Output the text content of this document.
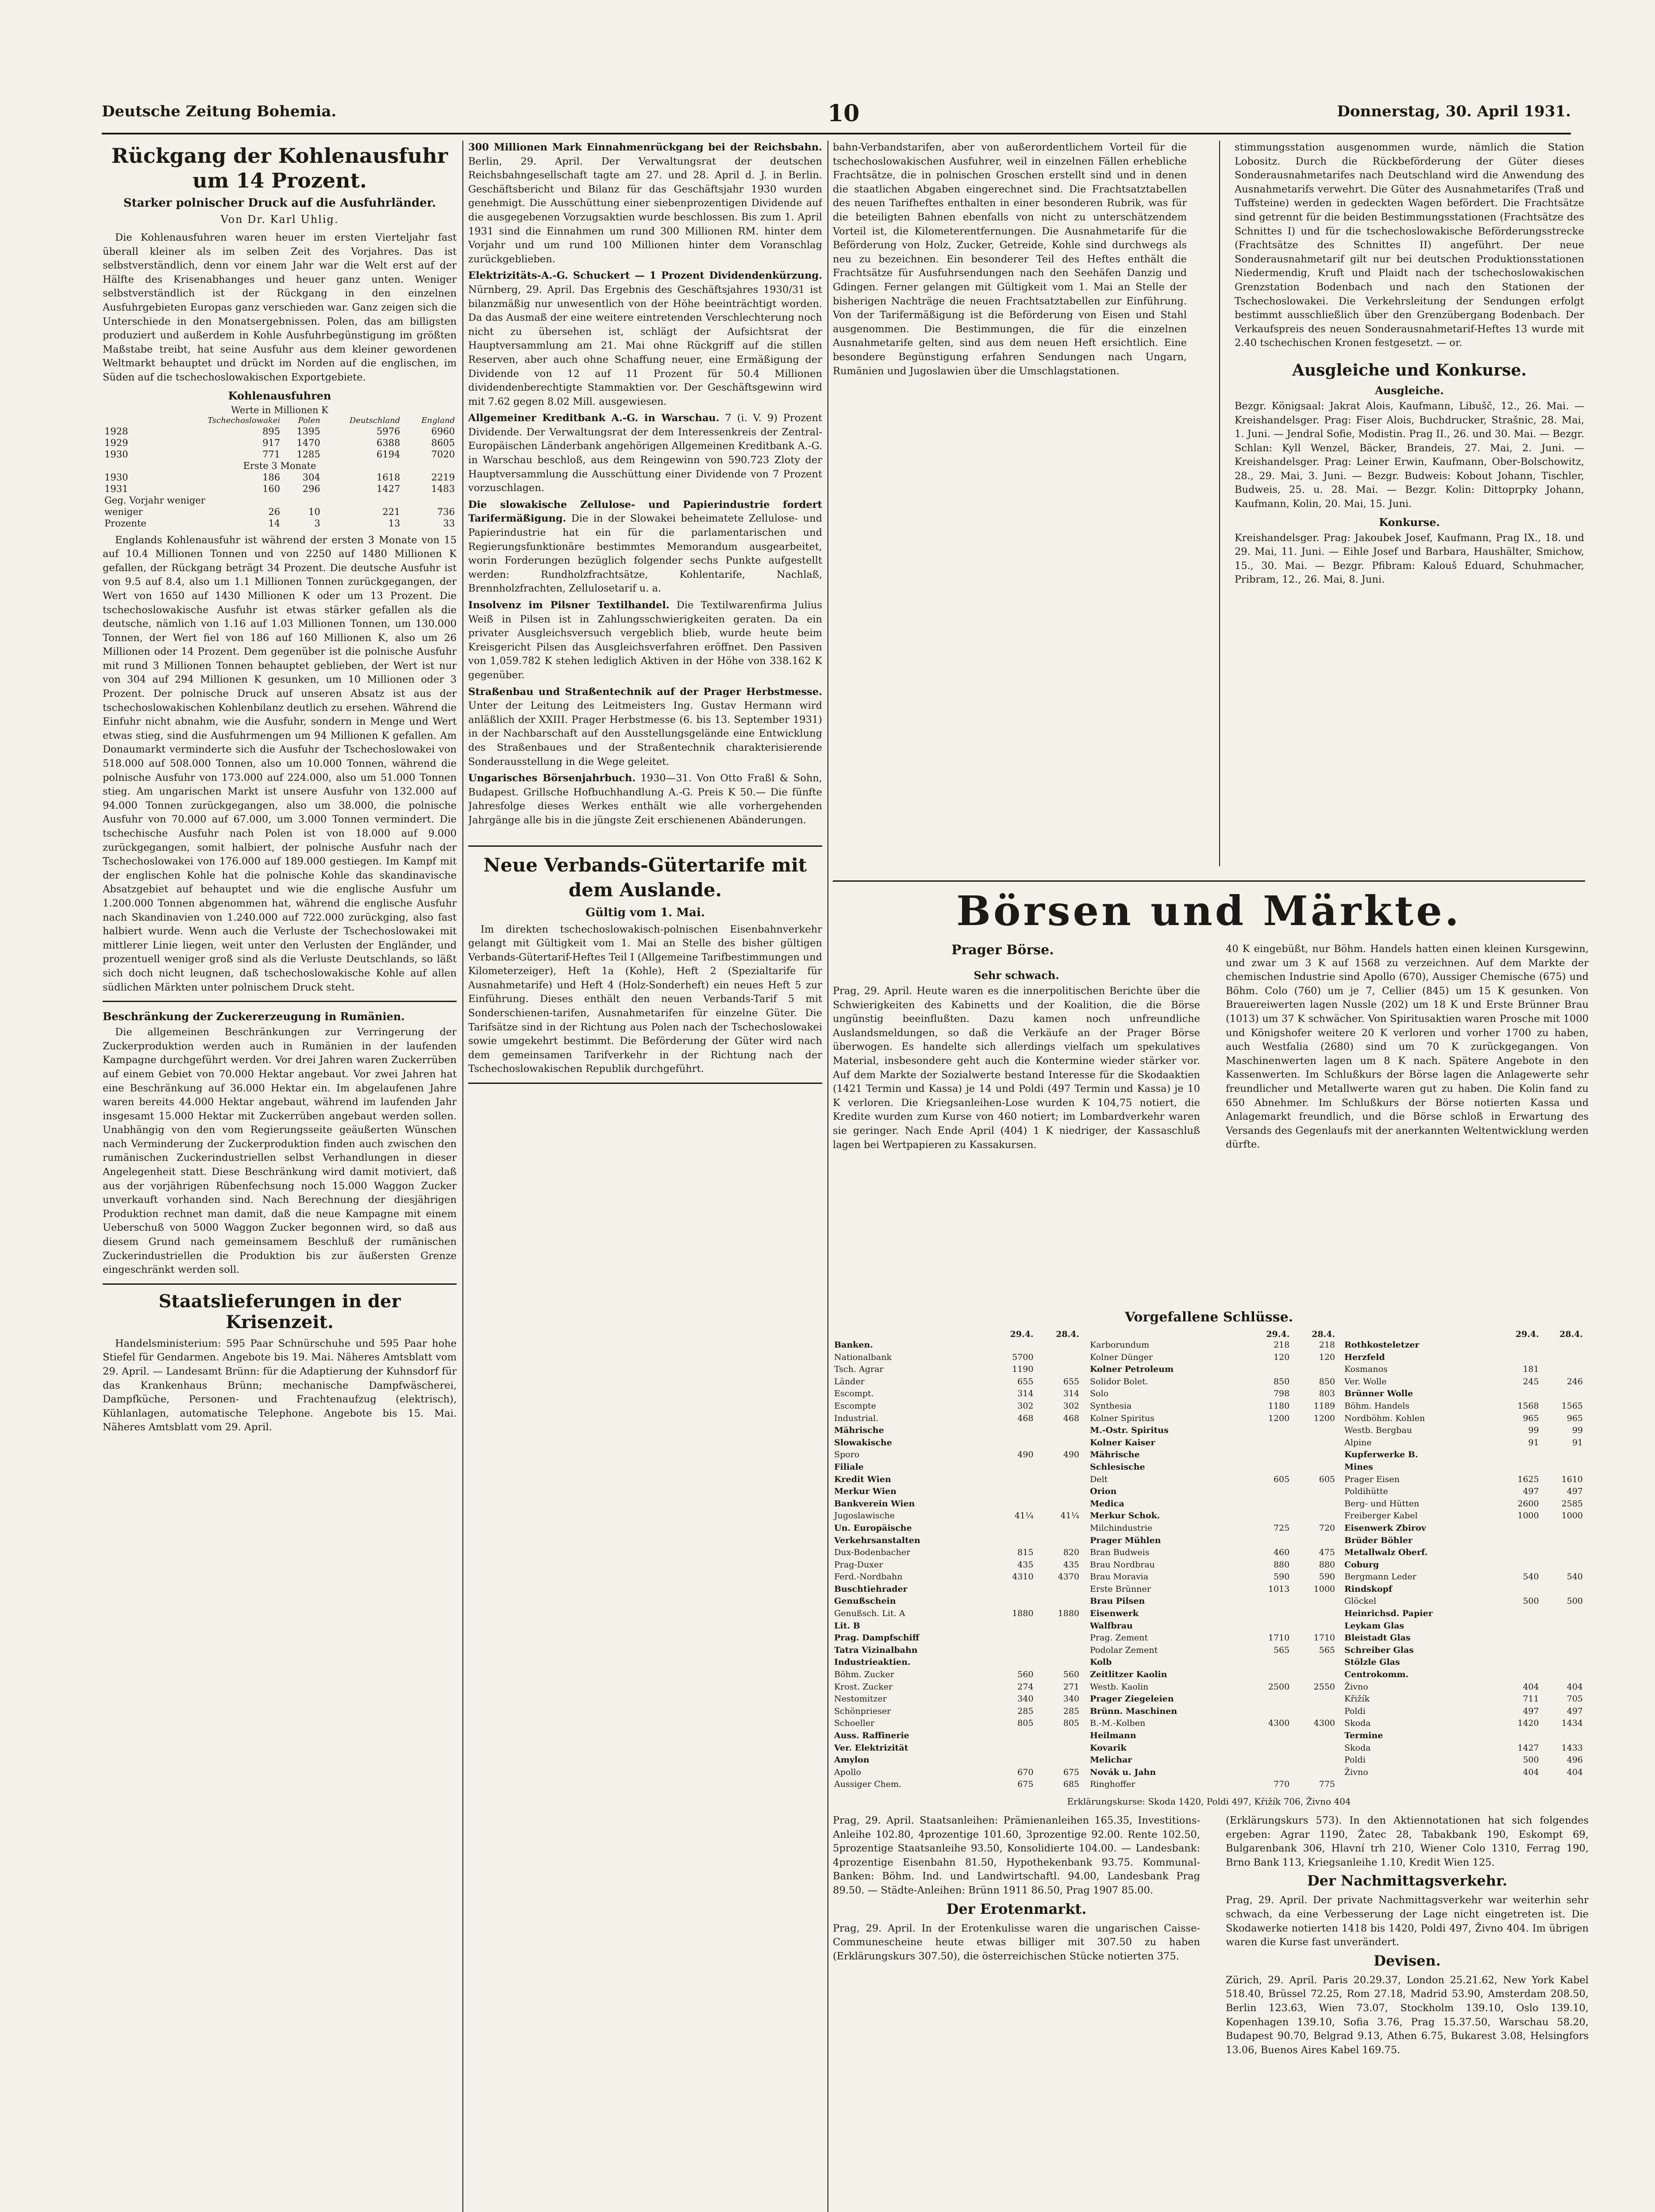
Deutsche Zeitung Bohemia.	10	Donnerstag, 30. April 1931.
Rückgang der Kohlenausfuhr um 14 Prozent.
Starker polnischer Druck auf die Ausfuhrländer.
Von Dr. Karl Uhlig.

Die Kohlenausfuhren waren heuer im ersten Vierteljahr fast überall kleiner als im selben Zeit des Vorjahres. Das ist selbstverständlich, denn vor einem Jahr war die Welt erst auf der Hälfte des Krisenabhanges und heuer ganz unten. Weniger selbstverständlich ist der Rückgang in den einzelnen Ausfuhrgebieten Europas ganz verschieden war. Ganz zeigen sich die Unterschiede in den Monatsergebnissen. Polen, das am billigsten produziert und außerdem in Kohle Ausfuhrbegünstigung im größten Maßstabe treibt, hat seine Ausfuhr aus dem kleiner gewordenen Weltmarkt behauptet und drückt im Norden auf die englischen, im Süden auf die tschechoslowakischen Exportgebiete.

Kohlenausfuhren
Werte in Millionen K
	Tschechoslowakei	Polen	Deutschland	England
1928	895	1395	5976	6960
1929	917	1470	6388	8605
1930	771	1285	6194	7020
Erste 3 Monate				
1930	186	304	1618	2219
1931	160	296	1427	1483
Geg. Vorjahr weniger				
weniger	26	10	221	736
Prozente	14	3	13	33

Englands Kohlenausfuhr ist während der ersten 3 Monate von 15 auf 10.4 Millionen Tonnen und von 2250 auf 1480 Millionen K gefallen, der Rückgang beträgt 34 Prozent. Die deutsche Ausfuhr ist von 9.5 auf 8.4, also um 1.1 Millionen Tonnen zurückgegangen, der Wert von 1650 auf 1430 Millionen K oder um 13 Prozent. Die tschechoslowakische Ausfuhr ist etwas stärker gefallen als die deutsche, nämlich von 1.16 auf 1.03 Millionen Tonnen, um 130.000 Tonnen, der Wert fiel von 186 auf 160 Millionen K, also um 26 Millionen oder 14 Prozent. Dem gegenüber ist die polnische Ausfuhr mit rund 3 Millionen Tonnen behauptet geblieben, der Wert ist nur von 304 auf 294 Millionen K gesunken, um 10 Millionen oder 3 Prozent. Der polnische Druck auf unseren Absatz ist aus der tschechoslowakischen Kohlenbilanz deutlich zu ersehen. Während die Einfuhr nicht abnahm, wie die Ausfuhr, sondern in Menge und Wert etwas stieg, sind die Ausfuhrmengen um 94 Millionen K gefallen. Am Donaumarkt verminderte sich die Ausfuhr der Tschechoslowakei von 518.000 auf 508.000 Tonnen, also um 10.000 Tonnen, während die polnische Ausfuhr von 173.000 auf 224.000, also um 51.000 Tonnen stieg. Am ungarischen Markt ist unsere Ausfuhr von 132.000 auf 94.000 Tonnen zurückgegangen, also um 38.000, die polnische Ausfuhr von 70.000 auf 67.000, um 3.000 Tonnen vermindert. Die tschechische Ausfuhr nach Polen ist von 18.000 auf 9.000 zurückgegangen, somit halbiert, der polnische Ausfuhr nach der Tschechoslowakei von 176.000 auf 189.000 gestiegen. Im Kampf mit der englischen Kohle hat die polnische Kohle das skandinavische Absatzgebiet auf behauptet und wie die englische Ausfuhr um 1.200.000 Tonnen abgenommen hat, während die englische Ausfuhr nach Skandinavien von 1.240.000 auf 722.000 zurückging, also fast halbiert wurde. Wenn auch die Verluste der Tschechoslowakei mit mittlerer Linie liegen, weit unter den Verlusten der Engländer, und prozentuell weniger groß sind als die Verluste Deutschlands, so läßt sich doch nicht leugnen, daß tschechoslowakische Kohle auf allen südlichen Märkten unter polnischem Druck steht.

Beschränkung der Zuckererzeugung in Rumänien.

Die allgemeinen Beschränkungen zur Verringerung der Zuckerproduktion werden auch in Rumänien in der laufenden Kampagne durchgeführt werden. Vor drei Jahren waren Zuckerrüben auf einem Gebiet von 70.000 Hektar angebaut. Vor zwei Jahren hat eine Beschränkung auf 36.000 Hektar ein. Im abgelaufenen Jahre waren bereits 44.000 Hektar angebaut, während im laufenden Jahr insgesamt 15.000 Hektar mit Zuckerrüben angebaut werden sollen. Unabhängig von den vom Regierungsseite geäußerten Wünschen nach Verminderung der Zuckerproduktion finden auch zwischen den rumänischen Zuckerindustriellen selbst Verhandlungen in dieser Angelegenheit statt. Diese Beschränkung wird damit motiviert, daß aus der vorjährigen Rübenfechsung noch 15.000 Waggon Zucker unverkauft vorhanden sind. Nach Berechnung der diesjährigen Produktion rechnet man damit, daß die neue Kampagne mit einem Ueberschuß von 5000 Waggon Zucker begonnen wird, so daß aus diesem Grund nach gemeinsamem Beschluß der rumänischen Zuckerindustriellen die Produktion bis zur äußersten Grenze eingeschränkt werden soll.

Staatslieferungen in der Krisenzeit.

Handelsministerium: 595 Paar Schnürschuhe und 595 Paar hohe Stiefel für Gendarmen. Angebote bis 19. Mai. Näheres Amtsblatt vom 29. April. — Landesamt Brünn: für die Adaptierung der Kuhnsdorf für das Krankenhaus Brünn; mechanische Dampfwäscherei, Dampfküche, Personen- und Frachtenaufzug (elektrisch), Kühlanlagen, automatische Telephone. Angebote bis 15. Mai. Näheres Amtsblatt vom 29. April.

300 Millionen Mark Einnahmenrückgang bei der Reichsbahn. Berlin, 29. April. Der Verwaltungsrat der deutschen Reichsbahngesellschaft tagte am 27. und 28. April d. J. in Berlin. Geschäftsbericht und Bilanz für das Geschäftsjahr 1930 wurden genehmigt. Die Ausschüttung einer siebenprozentigen Dividende auf die ausgegebenen Vorzugsaktien wurde beschlossen. Bis zum 1. April 1931 sind die Einnahmen um rund 300 Millionen RM. hinter dem Vorjahr und um rund 100 Millionen hinter dem Voranschlag zurückgeblieben.

Elektrizitäts-A.-G. Schuckert — 1 Prozent Dividendenkürzung. Nürnberg, 29. April. Das Ergebnis des Geschäftsjahres 1930/31 ist bilanzmäßig nur unwesentlich von der Höhe beeinträchtigt worden. Da das Ausmaß der eine weitere eintretenden Verschlechterung noch nicht zu übersehen ist, schlägt der Aufsichtsrat der Hauptversammlung am 21. Mai ohne Rückgriff auf die stillen Reserven, aber auch ohne Schaffung neuer, eine Ermäßigung der Dividende von 12 auf 11 Prozent für 50.4 Millionen dividendenberechtigte Stammaktien vor. Der Geschäftsgewinn wird mit 7.62 gegen 8.02 Mill. ausgewiesen.

Allgemeiner Kreditbank A.-G. in Warschau. 7 (i. V. 9) Prozent Dividende. Der Verwaltungsrat der dem Interessenkreis der Zentral-Europäischen Länderbank angehörigen Allgemeinen Kreditbank A.-G. in Warschau beschloß, aus dem Reingewinn von 590.723 Zloty der Hauptversammlung die Ausschüttung einer Dividende von 7 Prozent vorzuschlagen.

Die slowakische Zellulose- und Papierindustrie fordert Tarifermäßigung. Die in der Slowakei beheimatete Zellulose- und Papierindustrie hat ein für die parlamentarischen und Regierungsfunktionäre bestimmtes Memorandum ausgearbeitet, worin Forderungen bezüglich folgender sechs Punkte aufgestellt werden: Rundholzfrachtsätze, Kohlentarife, Nachlaß, Brennholzfrachten, Zellulosetarif u. a.

Insolvenz im Pilsner Textilhandel. Die Textilwarenfirma Julius Weiß in Pilsen ist in Zahlungsschwierigkeiten geraten. Da ein privater Ausgleichsversuch vergeblich blieb, wurde heute beim Kreisgericht Pilsen das Ausgleichsverfahren eröffnet. Den Passiven von 1,059.782 K stehen lediglich Aktiven in der Höhe von 338.162 K gegenüber.

Straßenbau und Straßentechnik auf der Prager Herbstmesse. Unter der Leitung des Leitmeisters Ing. Gustav Hermann wird anläßlich der XXIII. Prager Herbstmesse (6. bis 13. September 1931) in der Nachbarschaft auf den Ausstellungsgelände eine Entwicklung des Straßenbaues und der Straßentechnik charakterisierende Sonderausstellung in die Wege geleitet.

Ungarisches Börsenjahrbuch. 1930—31. Von Otto Fraßl & Sohn, Budapest. Grillsche Hofbuchhandlung A.-G. Preis K 50.— Die fünfte Jahresfolge dieses Werkes enthält wie alle vorhergehenden Jahrgänge alle bis in die jüngste Zeit erschienenen Abänderungen.

Neue Verbands-Gütertarife mit dem Auslande.
Gültig vom 1. Mai.

Im direkten tschechoslowakisch-polnischen Eisenbahnverkehr gelangt mit Gültigkeit vom 1. Mai an Stelle des bisher gültigen Verbands-Gütertarif-Heftes Teil I (Allgemeine Tarifbestimmungen und Kilometerzeiger), Heft 1a (Kohle), Heft 2 (Spezialtarife für Ausnahmetarife) und Heft 4 (Holz-Sonderheft) ein neues Heft 5 zur Einführung. Dieses enthält den neuen Verbands-Tarif 5 mit Sonderschienen-tarifen, Ausnahmetarifen für einzelne Güter. Die Tarifsätze sind in der Richtung aus Polen nach der Tschechoslowakei sowie umgekehrt bestimmt. Die Beförderung der Güter wird nach dem gemeinsamen Tarifverkehr in der Richtung nach der Tschechoslowakischen Republik durchgeführt.

bahn-Verbandstarifen, aber von außerordentlichem Vorteil für die tschechoslowakischen Ausfuhrer, weil in einzelnen Fällen erhebliche Frachtsätze, die in polnischen Groschen erstellt sind und in denen die staatlichen Abgaben eingerechnet sind. Die Frachtsatztabellen des neuen Tarifheftes enthalten in einer besonderen Rubrik, was für die beteiligten Bahnen ebenfalls von nicht zu unterschätzendem Vorteil ist, die Kilometerentfernungen. Die Ausnahmetarife für die Beförderung von Holz, Zucker, Getreide, Kohle sind durchwegs als neu zu bezeichnen. Ein besonderer Teil des Heftes enthält die Frachtsätze für Ausfuhrsendungen nach den Seehäfen Danzig und Gdingen. Ferner gelangen mit Gültigkeit vom 1. Mai an Stelle der bisherigen Nachträge die neuen Frachtsatztabellen zur Einführung. Von der Tarifermäßigung ist die Beförderung von Eisen und Stahl ausgenommen. Die Bestimmungen, die für die einzelnen Ausnahmetarife gelten, sind aus dem neuen Heft ersichtlich. Eine besondere Begünstigung erfahren Sendungen nach Ungarn, Rumänien und Jugoslawien über die Umschlagstationen.

stimmungsstation ausgenommen wurde, nämlich die Station Lobositz. Durch die Rückbeförderung der Güter dieses Sonderausnahmetarifes nach Deutschland wird die Anwendung des Ausnahmetarifs verwehrt. Die Güter des Ausnahmetarifes (Traß und Tuffsteine) werden in gedeckten Wagen befördert. Die Frachtsätze sind getrennt für die beiden Bestimmungsstationen (Frachtsätze des Schnittes I) und für die tschechoslowakische Beförderungsstrecke (Frachtsätze des Schnittes II) angeführt. Der neue Sonderausnahmetarif gilt nur bei deutschen Produktionsstationen Niedermendig, Kruft und Plaidt nach der tschechoslowakischen Grenzstation Bodenbach und nach den Stationen der Tschechoslowakei. Die Verkehrsleitung der Sendungen erfolgt bestimmt ausschließlich über den Grenzübergang Bodenbach. Der Verkaufspreis des neuen Sonderausnahmetarif-Heftes 13 wurde mit 2.40 tschechischen Kronen festgesetzt. — or.

Ausgleiche und Konkurse.
Ausgleiche.

Bezgr. Königsaal: Jakrat Alois, Kaufmann, Libušč, 12., 26. Mai. — Kreishandelsger. Prag: Fiser Alois, Buchdrucker, Strašnic, 28. Mai, 1. Juni. — Jendral Sofie, Modistin. Prag II., 26. und 30. Mai. — Bezgr. Schlan: Kyll Wenzel, Bäcker, Brandeis, 27. Mai, 2. Juni. — Kreishandelsger. Prag: Leiner Erwin, Kaufmann, Ober-Bolschowitz, 28., 29. Mai, 3. Juni. — Bezgr. Budweis: Kobout Johann, Tischler, Budweis, 25. u. 28. Mai. — Bezgr. Kolin: Dittoprpky Johann, Kaufmann, Kolin, 20. Mai, 15. Juni.

Konkurse.

Kreishandelsger. Prag: Jakoubek Josef, Kaufmann, Prag IX., 18. und 29. Mai, 11. Juni. — Eihle Josef und Barbara, Haushälter, Smichow, 15., 30. Mai. — Bezgr. Pfibram: Kalouš Eduard, Schuhmacher, Pribram, 12., 26. Mai, 8. Juni.

Börsen und Märkte.
Prager Börse.
Sehr schwach.

Prag, 29. April. Heute waren es die innerpolitischen Berichte über die Schwierigkeiten des Kabinetts und der Koalition, die die Börse ungünstig beeinflußten. Dazu kamen noch unfreundliche Auslandsmeldungen, so daß die Verkäufe an der Prager Börse überwogen. Es handelte sich allerdings vielfach um spekulatives Material, insbesondere geht auch die Kontermine wieder stärker vor. Auf dem Markte der Sozialwerte bestand Interesse für die Skodaaktien (1421 Termin und Kassa) je 14 und Poldi (497 Termin und Kassa) je 10 K verloren. Die Kriegsanleihen-Lose wurden K 104,75 notiert, die Kredite wurden zum Kurse von 460 notiert; im Lombardverkehr waren sie geringer. Nach Ende April (404) 1 K niedriger, der Kassaschluß lagen bei Wertpapieren zu Kassakursen.

40 K eingebüßt, nur Böhm. Handels hatten einen kleinen Kursgewinn, und zwar um 3 K auf 1568 zu verzeichnen. Auf dem Markte der chemischen Industrie sind Apollo (670), Aussiger Chemische (675) und Böhm. Colo (760) um je 7, Cellier (845) um 15 K gesunken. Von Brauereiwerten lagen Nussle (202) um 18 K und Erste Brünner Brau (1013) um 37 K schwächer. Von Spiritusaktien waren Prosche mit 1000 und Königshofer weitere 20 K verloren und vorher 1700 zu haben, auch Westfalia (2680) sind um 70 K zurückgegangen. Von Maschinenwerten lagen um 8 K nach. Spätere Angebote in den Kassenwerten. Im Schlußkurs der Börse lagen die Anlagewerte sehr freundlicher und Metallwerte waren gut zu haben. Die Kolin fand zu 650 Abnehmer. Im Schlußkurs der Börse notierten Kassa und Anlagemarkt freundlich, und die Börse schloß in Erwartung des Versands des Gegenlaufs mit der anerkannten Weltentwicklung werden dürfte.

Vorgefallene Schlüsse.
	29.4.	28.4.
Banken.		
Nationalbank	5700	
Tsch. Agrar	1190	
Länder	655	655
Escompt.	314	314
Escompte	302	302
Industrial.	468	468
Mährische		
Slowakische		
Sporo	490	490
Filiale		
Kredit Wien		
Merkur Wien		
Bankverein Wien		
Jugoslawische	41¼	41¼
Un. Europäische		
Verkehrsanstalten		
Dux-Bodenbacher	815	820
Prag-Duxer	435	435
Ferd.-Nordbahn	4310	4370
Buschtiehrader		
Genußschein		
Genußsch. Lit. A	1880	1880
Lit. B		
Prag. Dampfschiff		
Tatra Vizinalbahn		
Industrieaktien.		
Böhm. Zucker	560	560
Krost. Zucker	274	271
Nestomitzer	340	340
Schönprieser	285	285
Schoeller	805	805
Auss. Raffinerie		
Ver. Elektrizität		
Amylon		
Apollo	670	675
Aussiger Chem.	675	685
	29.4.	28.4.
Karborundum	218	218
Kolner Dünger	120	120
Kolner Petroleum		
Solidor Bolet.	850	850
Solo	798	803
Synthesia	1180	1189
Kolner Spiritus	1200	1200
M.-Ostr. Spiritus		
Kolner Kaiser		
Mährische		
Schlesische		
Delt	605	605
Orion		
Medica		
Merkur Schok.		
Milchindustrie	725	720
Prager Mühlen		
Bran Budweis	460	475
Brau Nordbrau	880	880
Brau Moravia	590	590
Erste Brünner	1013	1000
Brau Pilsen		
Eisenwerk		
Walfbrau		
Prag. Zement	1710	1710
Podolar Zement	565	565
Kolb		
Zeitlitzer Kaolin		
Westb. Kaolin	2500	2550
Prager Ziegeleien		
Brünn. Maschinen		
B.-M.-Kolben	4300	4300
Heilmann		
Kovarik		
Melichar		
Novák u. Jahn		
Ringhoffer	770	775
	29.4.	28.4.
Rothkosteletzer		
Herzfeld		
Kosmanos	181	
Ver. Wolle	245	246
Brünner Wolle		
Böhm. Handels	1568	1565
Nordböhm. Kohlen	965	965
Westb. Bergbau	99	99
Alpine	91	91
Kupferwerke B.		
Mines		
Prager Eisen	1625	1610
Poldihütte	497	497
Berg- und Hütten	2600	2585
Freiberger Kabel	1000	1000
Eisenwerk Zbirov		
Brüder Böhler		
Metallwalz Oberf.		
Coburg		
Bergmann Leder	540	540
Rindskopf		
Glöckel	500	500
Heinrichsd. Papier		
Leykam Glas		
Bleistadt Glas		
Schreiber Glas		
Stölzle Glas		
Centrokomm.		
Živno	404	404
Křižík	711	705
Poldi	497	497
Skoda	1420	1434
Termine		
Skoda	1427	1433
Poldi	500	496
Živno	404	404
Erklärungskurse: Skoda 1420, Poldi 497, Křižík 706, Živno 404

Prag, 29. April. Staatsanleihen: Prämienanleihen 165.35, Investitions-Anleihe 102.80, 4prozentige 101.60, 3prozentige 92.00. Rente 102.50, 5prozentige Staatsanleihe 93.50, Konsolidierte 104.00. — Landesbank: 4prozentige Eisenbahn 81.50, Hypothekenbank 93.75. Kommunal-Banken: Böhm. Ind. und Landwirtschaftl. 94.00, Landesbank Prag 89.50. — Städte-Anleihen: Brünn 1911 86.50, Prag 1907 85.00.

Der Erotenmarkt.

Prag, 29. April. In der Erotenkulisse waren die ungarischen Caisse-Communescheine heute etwas billiger mit 307.50 zu haben (Erklärungskurs 307.50), die österreichischen Stücke notierten 375.

(Erklärungskurs 573). In den Aktiennotationen hat sich folgendes ergeben: Agrar 1190, Žatec 28, Tabakbank 190, Eskompt 69, Bulgarenbank 306, Hlavní trh 210, Wiener Colo 1310, Ferrag 190, Brno Bank 113, Kriegsanleihe 1.10, Kredit Wien 125.

Der Nachmittagsverkehr.

Prag, 29. April. Der private Nachmittagsverkehr war weiterhin sehr schwach, da eine Verbesserung der Lage nicht eingetreten ist. Die Skodawerke notierten 1418 bis 1420, Poldi 497, Živno 404. Im übrigen waren die Kurse fast unverändert.

Devisen.

Zürich, 29. April. Paris 20.29.37, London 25.21.62, New York Kabel 518.40, Brüssel 72.25, Rom 27.18, Madrid 53.90, Amsterdam 208.50, Berlin 123.63, Wien 73.07, Stockholm 139.10, Oslo 139.10, Kopenhagen 139.10, Sofia 3.76, Prag 15.37.50, Warschau 58.20, Budapest 90.70, Belgrad 9.13, Athen 6.75, Bukarest 3.08, Helsingfors 13.06, Buenos Aires Kabel 169.75.
